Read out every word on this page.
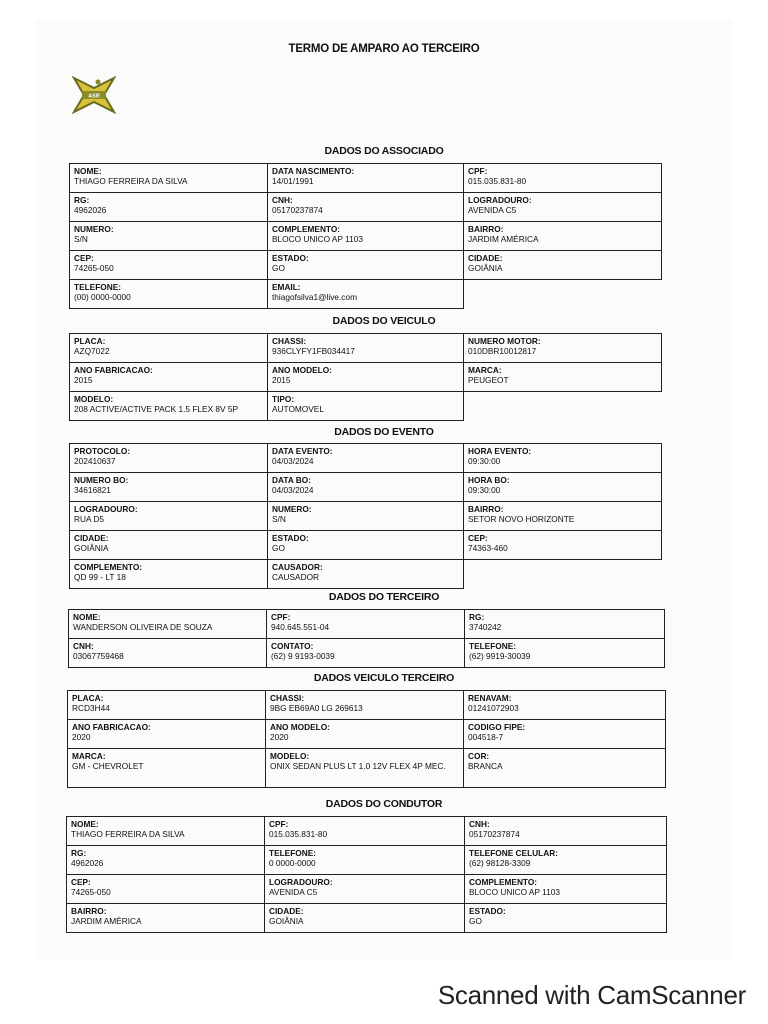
TERMO DE AMPARO AO TERCEIRO
ASR
DADOS DO ASSOCIADO
NOME:
THIAGO FERREIRA DA SILVA	DATA NASCIMENTO:
14/01/1991	CPF:
015.035.831-80

RG:
4962026	CNH:
05170237874	LOGRADOURO:
AVENIDA C5

NUMERO:
S/N	COMPLEMENTO:
BLOCO UNICO AP 1103	BAIRRO:
JARDIM AMÉRICA

CEP:
74265-050	ESTADO:
GO	CIDADE:
GOIÂNIA

TELEFONE:
(00) 0000-0000	EMAIL:
thiagofsilva1@live.com	

DADOS DO VEICULO
PLACA:
AZQ7022	CHASSI:
936CLYFY1FB034417	NUMERO MOTOR:
010DBR10012817

ANO FABRICACAO:
2015	ANO MODELO:
2015	MARCA:
PEUGEOT

MODELO:
208 ACTIVE/ACTIVE PACK 1.5 FLEX 8V 5P	TIPO:
AUTOMOVEL	

DADOS DO EVENTO
PROTOCOLO:
202410637	DATA EVENTO:
04/03/2024	HORA EVENTO:
09:30:00

NUMERO BO:
34616821	DATA BO:
04/03/2024	HORA BO:
09:30:00

LOGRADOURO:
RUA D5	NUMERO:
S/N	BAIRRO:
SETOR NOVO HORIZONTE

CIDADE:
GOIÂNIA	ESTADO:
GO	CEP:
74363-460

COMPLEMENTO:
QD 99 - LT 18	CAUSADOR:
CAUSADOR	

DADOS DO TERCEIRO
NOME:
WANDERSON OLIVEIRA DE SOUZA	CPF:
940.645.551-04	RG:
3740242

CNH:
03067759468	CONTATO:
(62) 9 9193-0039	TELEFONE:
(62) 9919-30039
DADOS VEICULO TERCEIRO
PLACA:
RCD3H44	CHASSI:
9BG EB69A0 LG 269613	RENAVAM:
01241072903

ANO FABRICACAO:
2020	ANO MODELO:
2020	CODIGO FIPE:
004518-7

MARCA:
GM - CHEVROLET	MODELO:
ONIX SEDAN PLUS LT 1.0 12V FLEX 4P MEC.	COR:
BRANCA
DADOS DO CONDUTOR
NOME:
THIAGO FERREIRA DA SILVA	CPF:
015.035.831-80	CNH:
05170237874

RG:
4962026	TELEFONE:
0 0000-0000	TELEFONE CELULAR:
(62) 98128-3309

CEP:
74265-050	LOGRADOURO:
AVENIDA C5	COMPLEMENTO:
BLOCO UNICO AP 1103

BAIRRO:
JARDIM AMÉRICA	CIDADE:
GOIÂNIA	ESTADO:
GO
Scanned with CamScanner
